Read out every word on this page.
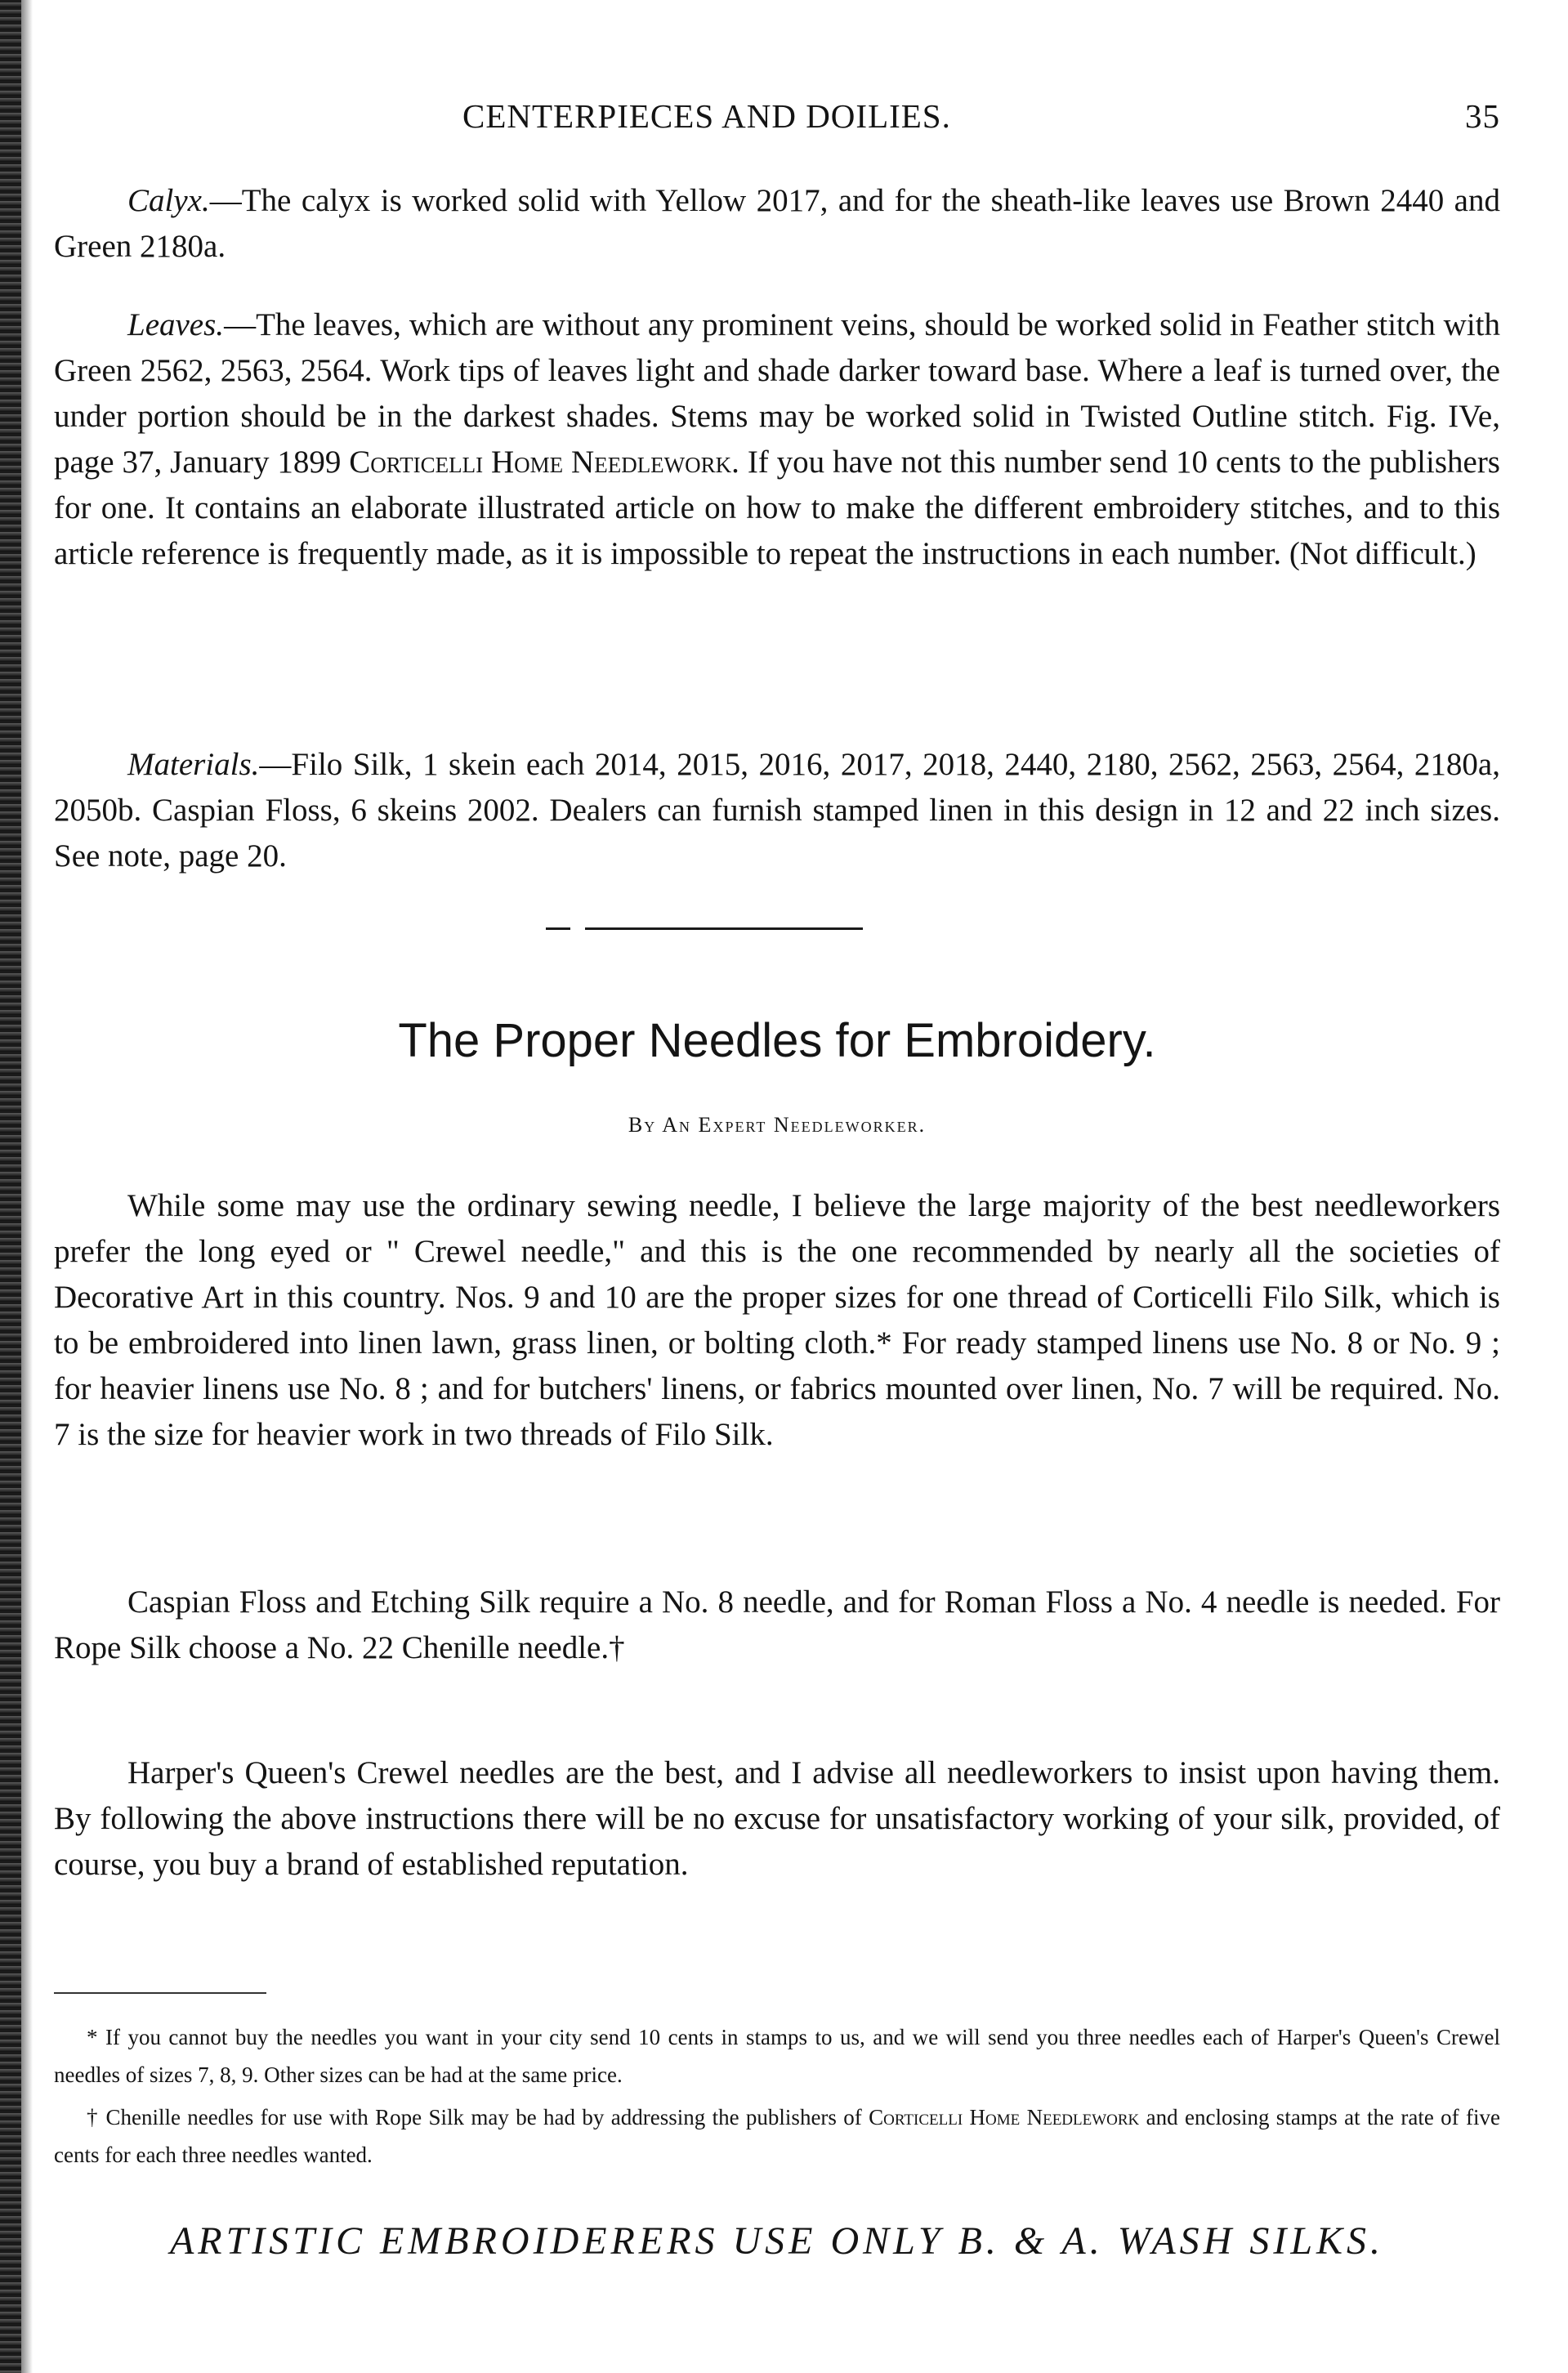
CENTERPIECES AND DOILIES.	35

Calyx.—The calyx is worked solid with Yellow 2017, and for the sheath-like leaves use Brown 2440 and Green 2180a.

Leaves.—The leaves, which are without any prominent veins, should be worked solid in Feather stitch with Green 2562, 2563, 2564. Work tips of leaves light and shade darker toward base. Where a leaf is turned over, the under portion should be in the darkest shades. Stems may be worked solid in Twisted Outline stitch. Fig. IVe, page 37, January 1899 Corticelli Home Needlework. If you have not this number send 10 cents to the publishers for one. It contains an elaborate illustrated article on how to make the different embroidery stitches, and to this article reference is frequently made, as it is impossible to repeat the instructions in each number. (Not difficult.)

Materials.—Filo Silk, 1 skein each 2014, 2015, 2016, 2017, 2018, 2440, 2180, 2562, 2563, 2564, 2180a, 2050b. Caspian Floss, 6 skeins 2002. Dealers can furnish stamped linen in this design in 12 and 22 inch sizes. See note, page 20.

The Proper Needles for Embroidery.
By An Expert Needleworker.

While some may use the ordinary sewing needle, I believe the large majority of the best needleworkers prefer the long eyed or " Crewel needle," and this is the one recommended by nearly all the societies of Decorative Art in this country. Nos. 9 and 10 are the proper sizes for one thread of Corticelli Filo Silk, which is to be embroidered into linen lawn, grass linen, or bolting cloth.* For ready stamped linens use No. 8 or No. 9 ; for heavier linens use No. 8 ; and for butchers' linens, or fabrics mounted over linen, No. 7 will be required. No. 7 is the size for heavier work in two threads of Filo Silk.

Caspian Floss and Etching Silk require a No. 8 needle, and for Roman Floss a No. 4 needle is needed. For Rope Silk choose a No. 22 Chenille needle.†

Harper's Queen's Crewel needles are the best, and I advise all needleworkers to insist upon having them. By following the above instructions there will be no excuse for unsatisfactory working of your silk, provided, of course, you buy a brand of established reputation.

* If you cannot buy the needles you want in your city send 10 cents in stamps to us, and we will send you three needles each of Harper's Queen's Crewel needles of sizes 7, 8, 9. Other sizes can be had at the same price.

† Chenille needles for use with Rope Silk may be had by addressing the publishers of Corticelli Home Needlework and enclosing stamps at the rate of five cents for each three needles wanted.

ARTISTIC EMBROIDERERS USE ONLY B. & A. WASH SILKS.
